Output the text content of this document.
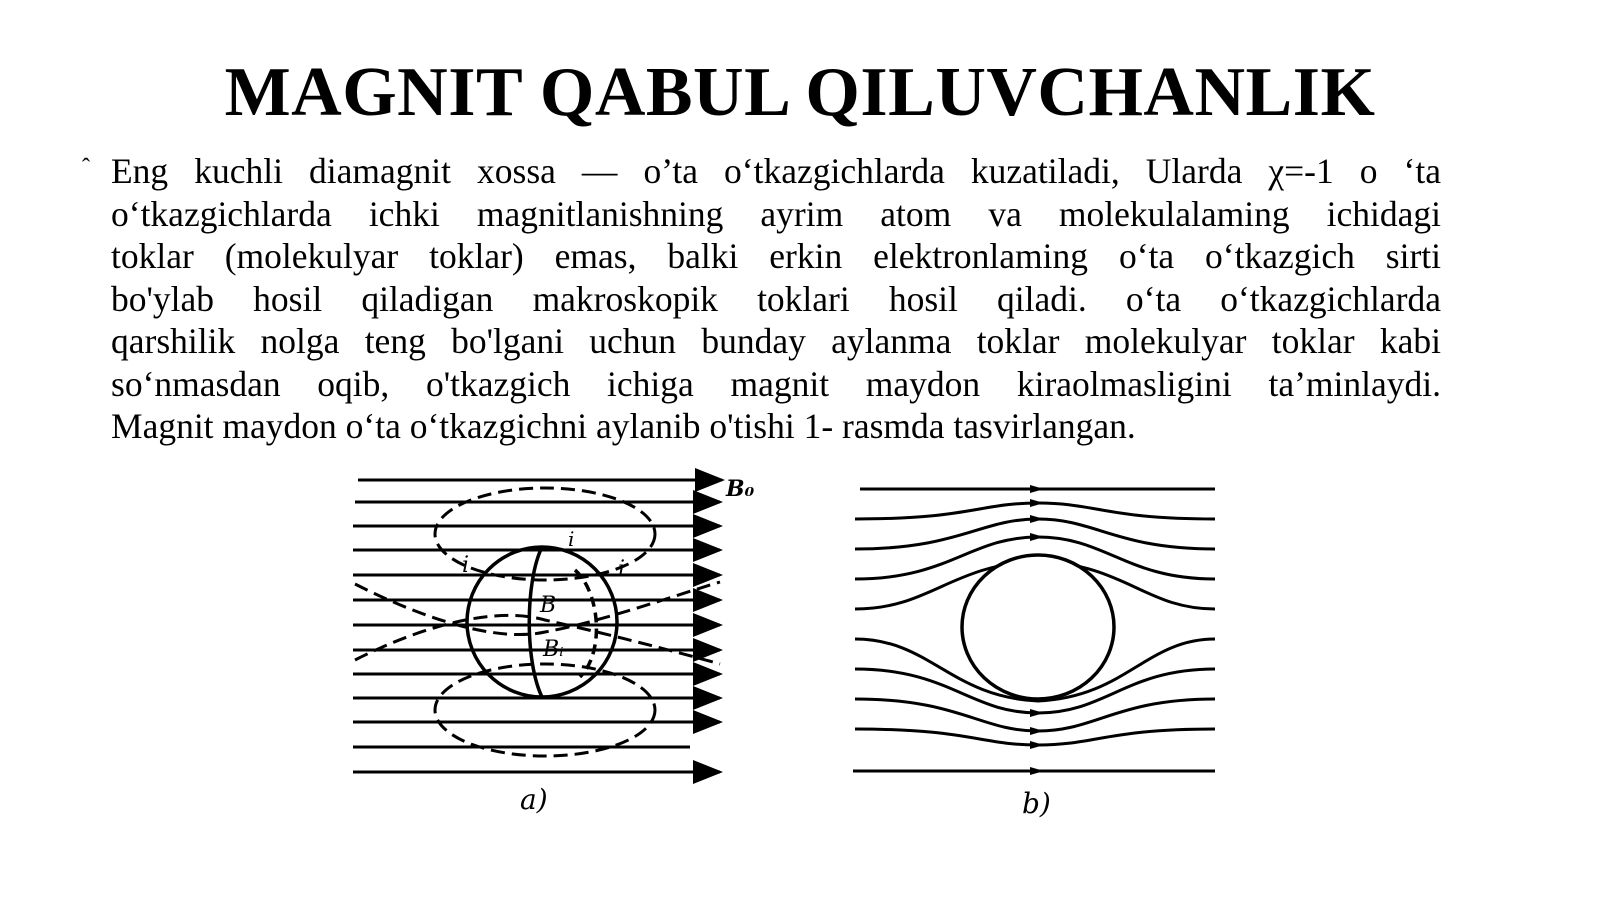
MAGNIT QABUL QILUVCHANLIK
ˆ Eng kuchli diamagnit xossa — o’ta o‘tkazgichlarda kuzatiladi, Ularda χ=-1 o ‘ta
o‘tkazgichlarda ichki magnitlanishning ayrim atom va molekulalaming ichidagi
toklar (molekulyar toklar) emas, balki erkin elektronlaming o‘ta o‘tkazgich sirti
bo'ylab hosil qiladigan makroskopik toklari hosil qiladi. o‘ta o‘tkazgichlarda
qarshilik nolga teng bo'lgani uchun bunday aylanma toklar molekulyar toklar kabi
so‘nmasdan oqib, o'tkazgich ichiga magnit maydon kiraolmasligini ta’minlaydi.
Magnit maydon o‘ta o‘tkazgichni aylanib o'tishi 1- rasmda tasvirlangan.
B₀
i	i
i
B
Bᵢ
a)	b)
